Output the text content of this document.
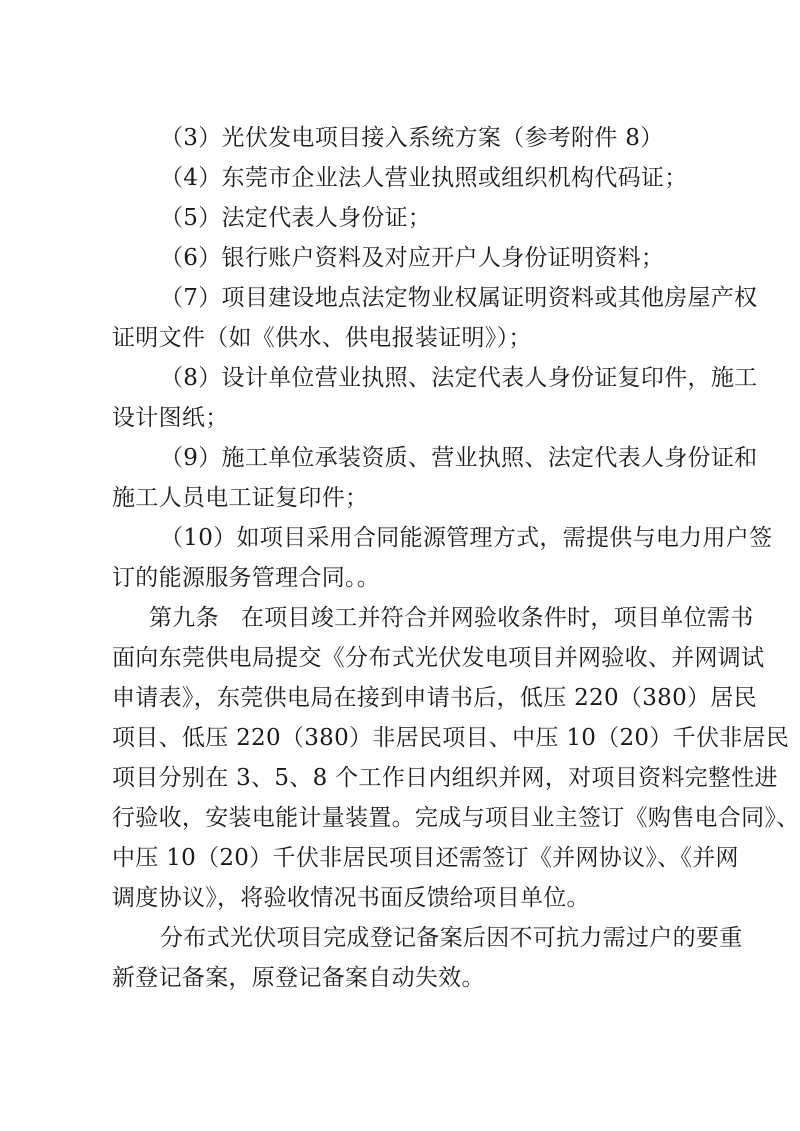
（3）光伏发电项目接入系统方案（参考附件 8）
（4）东莞市企业法人营业执照或组织机构代码证；
（5）法定代表人身份证；
（6）银行账户资料及对应开户人身份证明资料；
（7）项目建设地点法定物业权属证明资料或其他房屋产权
证明文件（如《供水、供电报装证明》）；
（8）设计单位营业执照、法定代表人身份证复印件，施工
设计图纸；
（9）施工单位承装资质、营业执照、法定代表人身份证和
施工人员电工证复印件；
（10）如项目采用合同能源管理方式，需提供与电力用户签
订的能源服务管理合同。。
第九条 在项目竣工并符合并网验收条件时，项目单位需书
面向东莞供电局提交《分布式光伏发电项目并网验收、并网调试
申请表》，东莞供电局在接到申请书后，低压 220（380）居民
项目、低压 220（380）非居民项目、中压 10（20）千伏非居民
项目分别在 3、5、8 个工作日内组织并网，对项目资料完整性进
行验收，安装电能计量装置。完成与项目业主签订《购售电合同》、
中压 10（20）千伏非居民项目还需签订《并网协议》、《并网
调度协议》，将验收情况书面反馈给项目单位。
分布式光伏项目完成登记备案后因不可抗力需过户的要重
新登记备案，原登记备案自动失效。
